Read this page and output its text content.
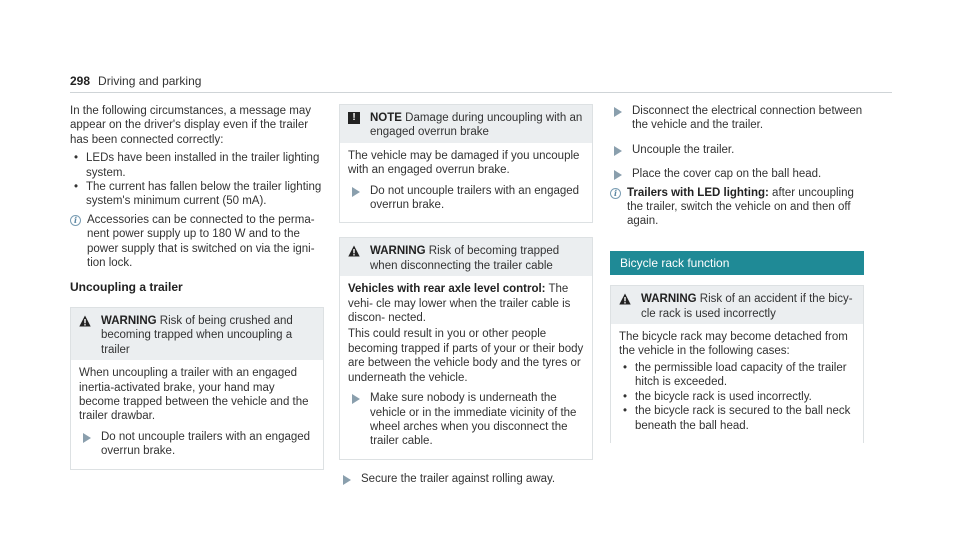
298 Driving and parking

In the following circumstances, a message may appear on the driver's display even if the trailer has been connected correctly:

• LEDs have been installed in the trailer lighting system.
• The current has fallen below the trailer lighting system's minimum current (50 mA).
i Accessories can be connected to the perma- nent power supply up to 180 W and to the power supply that is switched on via the igni- tion lock.
Uncoupling a trailer
WARNING Risk of being crushed and becoming trapped when uncoupling a trailer

When uncoupling a trailer with an engaged inertia-activated brake, your hand may become trapped between the vehicle and the trailer drawbar.

Do not uncouple trailers with an engaged overrun brake.
!	NOTE Damage during uncoupling with an engaged overrun brake

The vehicle may be damaged if you uncouple with an engaged overrun brake.

Do not uncouple trailers with an engaged overrun brake.
WARNING Risk of becoming trapped when disconnecting the trailer cable

Vehicles with rear axle level control: The vehi- cle may lower when the trailer cable is discon- nected.

This could result in you or other people becoming trapped if parts of your or their body are between the vehicle body and the tyres or underneath the vehicle.

Make sure nobody is underneath the vehicle or in the immediate vicinity of the wheel arches when you disconnect the trailer cable.
Secure the trailer against rolling away.
Disconnect the electrical connection between the vehicle and the trailer.
Uncouple the trailer.
Place the cover cap on the ball head.
i Trailers with LED lighting: after uncoupling the trailer, switch the vehicle on and then off again.
Bicycle rack function
WARNING Risk of an accident if the bicy- cle rack is used incorrectly

The bicycle rack may become detached from the vehicle in the following cases:

• the permissible load capacity of the trailer hitch is exceeded.
• the bicycle rack is used incorrectly.
• the bicycle rack is secured to the ball neck beneath the ball head.
